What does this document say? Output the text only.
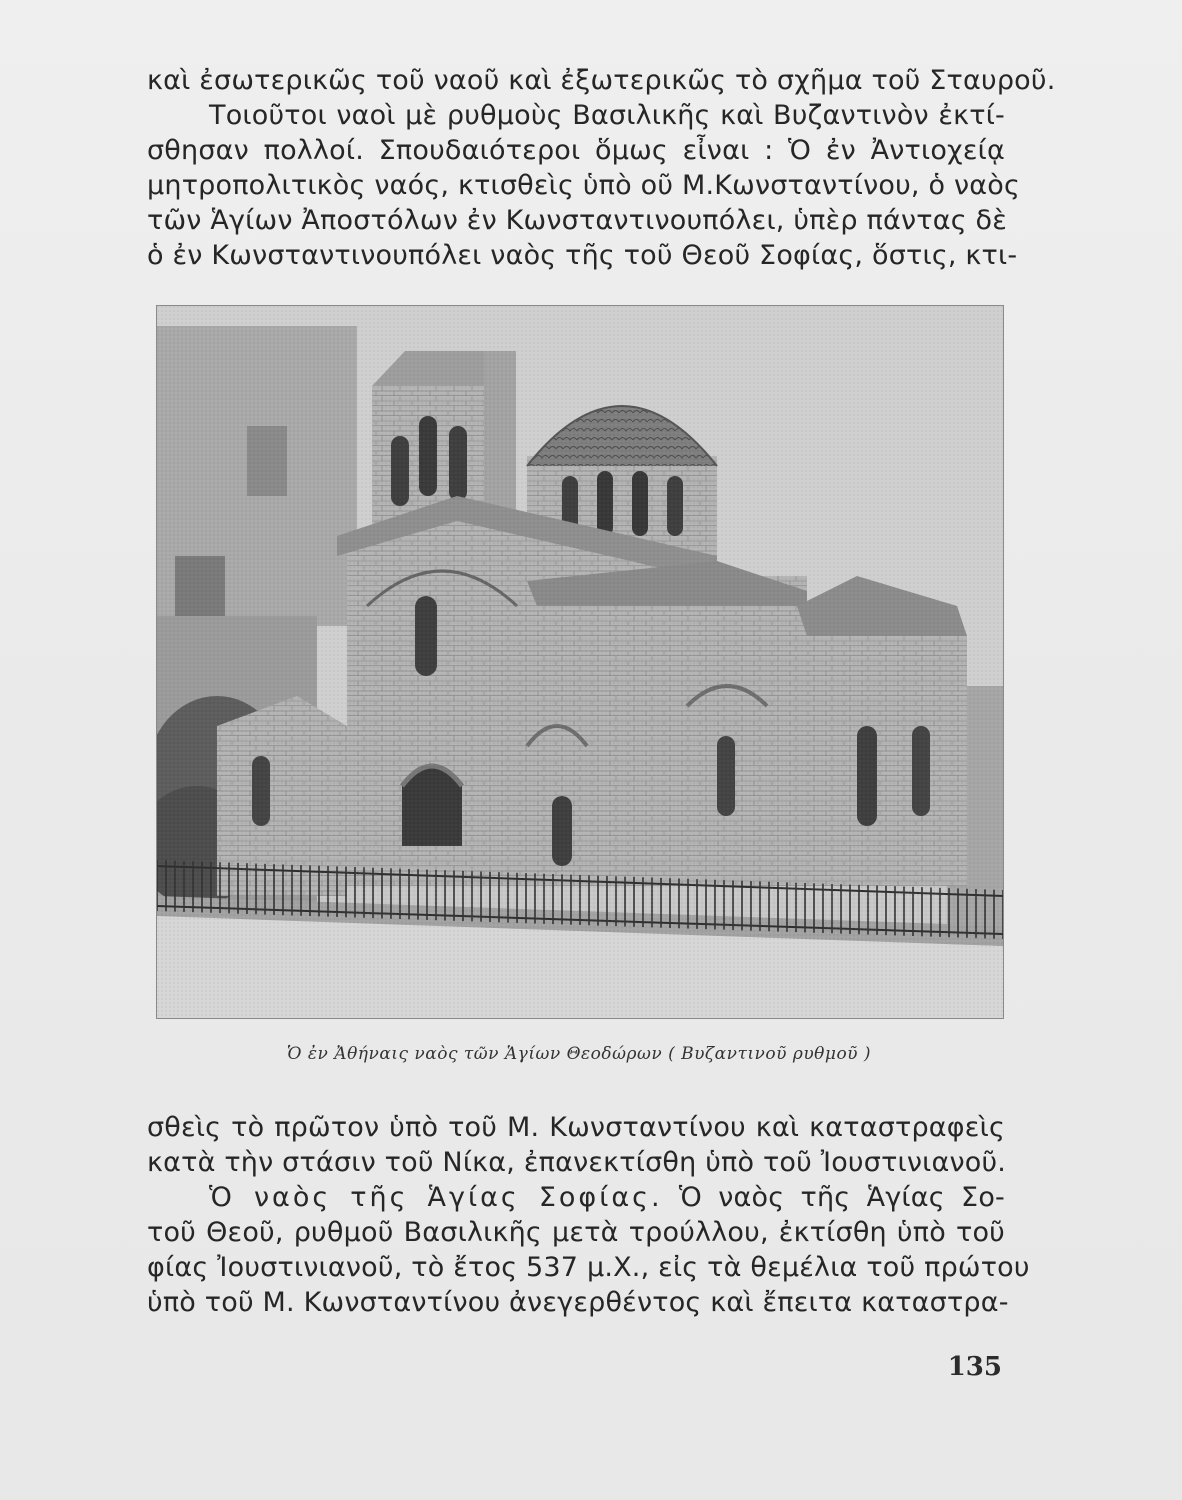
καὶ ἐσωτερικῶς τοῦ ναοῦ καὶ ἐξωτερικῶς τὸ σχῆμα τοῦ Σταυροῦ.
Τοιοῦτοι ναοὶ μὲ ρυθμοὺς Βασιλικῆς καὶ Βυζαντινὸν ἐκτί-
σθησαν πολλοί. Σπουδαιότεροι ὅμως εἶναι : Ὁ ἐν Ἀντιοχείᾳ
μητροπολιτικὸς ναός, κτισθεὶς ὑπὸ οῦ Μ.Κωνσταντίνου, ὁ ναὸς
τῶν Ἁγίων Ἀποστόλων ἐν Κωνσταντινουπόλει, ὑπὲρ πάντας δὲ
ὁ ἐν Κωνσταντινουπόλει ναὸς τῆς τοῦ Θεοῦ Σοφίας, ὅστις, κτι-
Ὁ ἐν Ἀθήναις ναὸς τῶν Ἁγίων Θεοδώρων ( Βυζαντινοῦ ρυθμοῦ )
σθεὶς τὸ πρῶτον ὑπὸ τοῦ Μ. Κωνσταντίνου καὶ καταστραφεὶς
κατὰ τὴν στάσιν τοῦ Νίκα, ἐπανεκτίσθη ὑπὸ τοῦ Ἰουστινιανοῦ.
Ὁ ναὸς τῆς Ἁγίας Σοφίας. Ὁ ναὸς τῆς Ἁγίας Σο-
τοῦ Θεοῦ, ρυθμοῦ Βασιλικῆς μετὰ τρούλλου, ἐκτίσθη ὑπὸ τοῦ
φίας Ἰουστινιανοῦ, τὸ ἔτος 537 μ.Χ., εἰς τὰ θεμέλια τοῦ πρώτου
ὑπὸ τοῦ Μ. Κωνσταντίνου ἀνεγερθέντος καὶ ἔπειτα καταστρα-
135
